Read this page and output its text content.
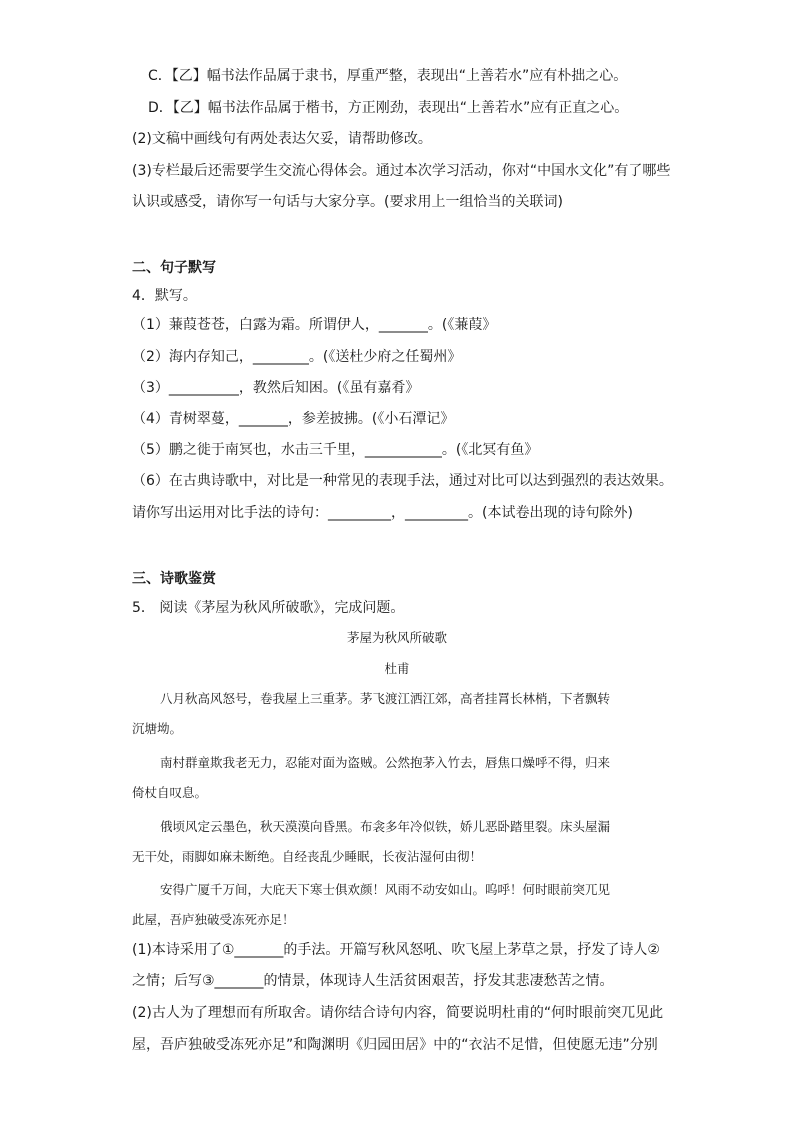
C．【乙】幅书法作品属于隶书，厚重严整，表现出“上善若水”应有朴拙之心。
D．【乙】幅书法作品属于楷书，方正刚劲，表现出“上善若水”应有正直之心。
(2)文稿中画线句有两处表达欠妥，请帮助修改。
(3)专栏最后还需要学生交流心得体会。通过本次学习活动，你对“中国水文化”有了哪些
认识或感受，请你写一句话与大家分享。(要求用上一组恰当的关联词)
二、句子默写
4．默写。
（1）蒹葭苍苍，白露为霜。所谓伊人，_______。(《蒹葭》
（2）海内存知己，________。(《送杜少府之任蜀州》
（3）__________，教然后知困。(《虽有嘉肴》
（4）青树翠蔓，_______，参差披拂。(《小石潭记》
（5）鹏之徙于南冥也，水击三千里，___________。(《北冥有鱼》
（6）在古典诗歌中，对比是一种常见的表现手法，通过对比可以达到强烈的表达效果。
请你写出运用对比手法的诗句：_________，_________。(本试卷出现的诗句除外)
三、诗歌鉴赏
5． 阅读《茅屋为秋风所破歌》，完成问题。
茅屋为秋风所破歌
杜甫
八月秋高风怒号，卷我屋上三重茅。茅飞渡江洒江郊，高者挂罥长林梢，下者飘转
沉塘坳。
南村群童欺我老无力，忍能对面为盗贼。公然抱茅入竹去，唇焦口燥呼不得，归来
倚杖自叹息。
俄顷风定云墨色，秋天漠漠向昏黑。布衾多年冷似铁，娇儿恶卧踏里裂。床头屋漏
无干处，雨脚如麻未断绝。自经丧乱少睡眠，长夜沾湿何由彻！
安得广厦千万间，大庇天下寒士俱欢颜！风雨不动安如山。呜呼！何时眼前突兀见
此屋，吾庐独破受冻死亦足！
(1)本诗采用了①_______的手法。开篇写秋风怒吼、吹飞屋上茅草之景，抒发了诗人②
之情；后写③_______的情景，体现诗人生活贫困艰苦，抒发其悲凄愁苦之情。
(2)古人为了理想而有所取舍。请你结合诗句内容，简要说明杜甫的“何时眼前突兀见此
屋，吾庐独破受冻死亦足”和陶渊明《归园田居》中的“衣沾不足惜，但使愿无违”分别
